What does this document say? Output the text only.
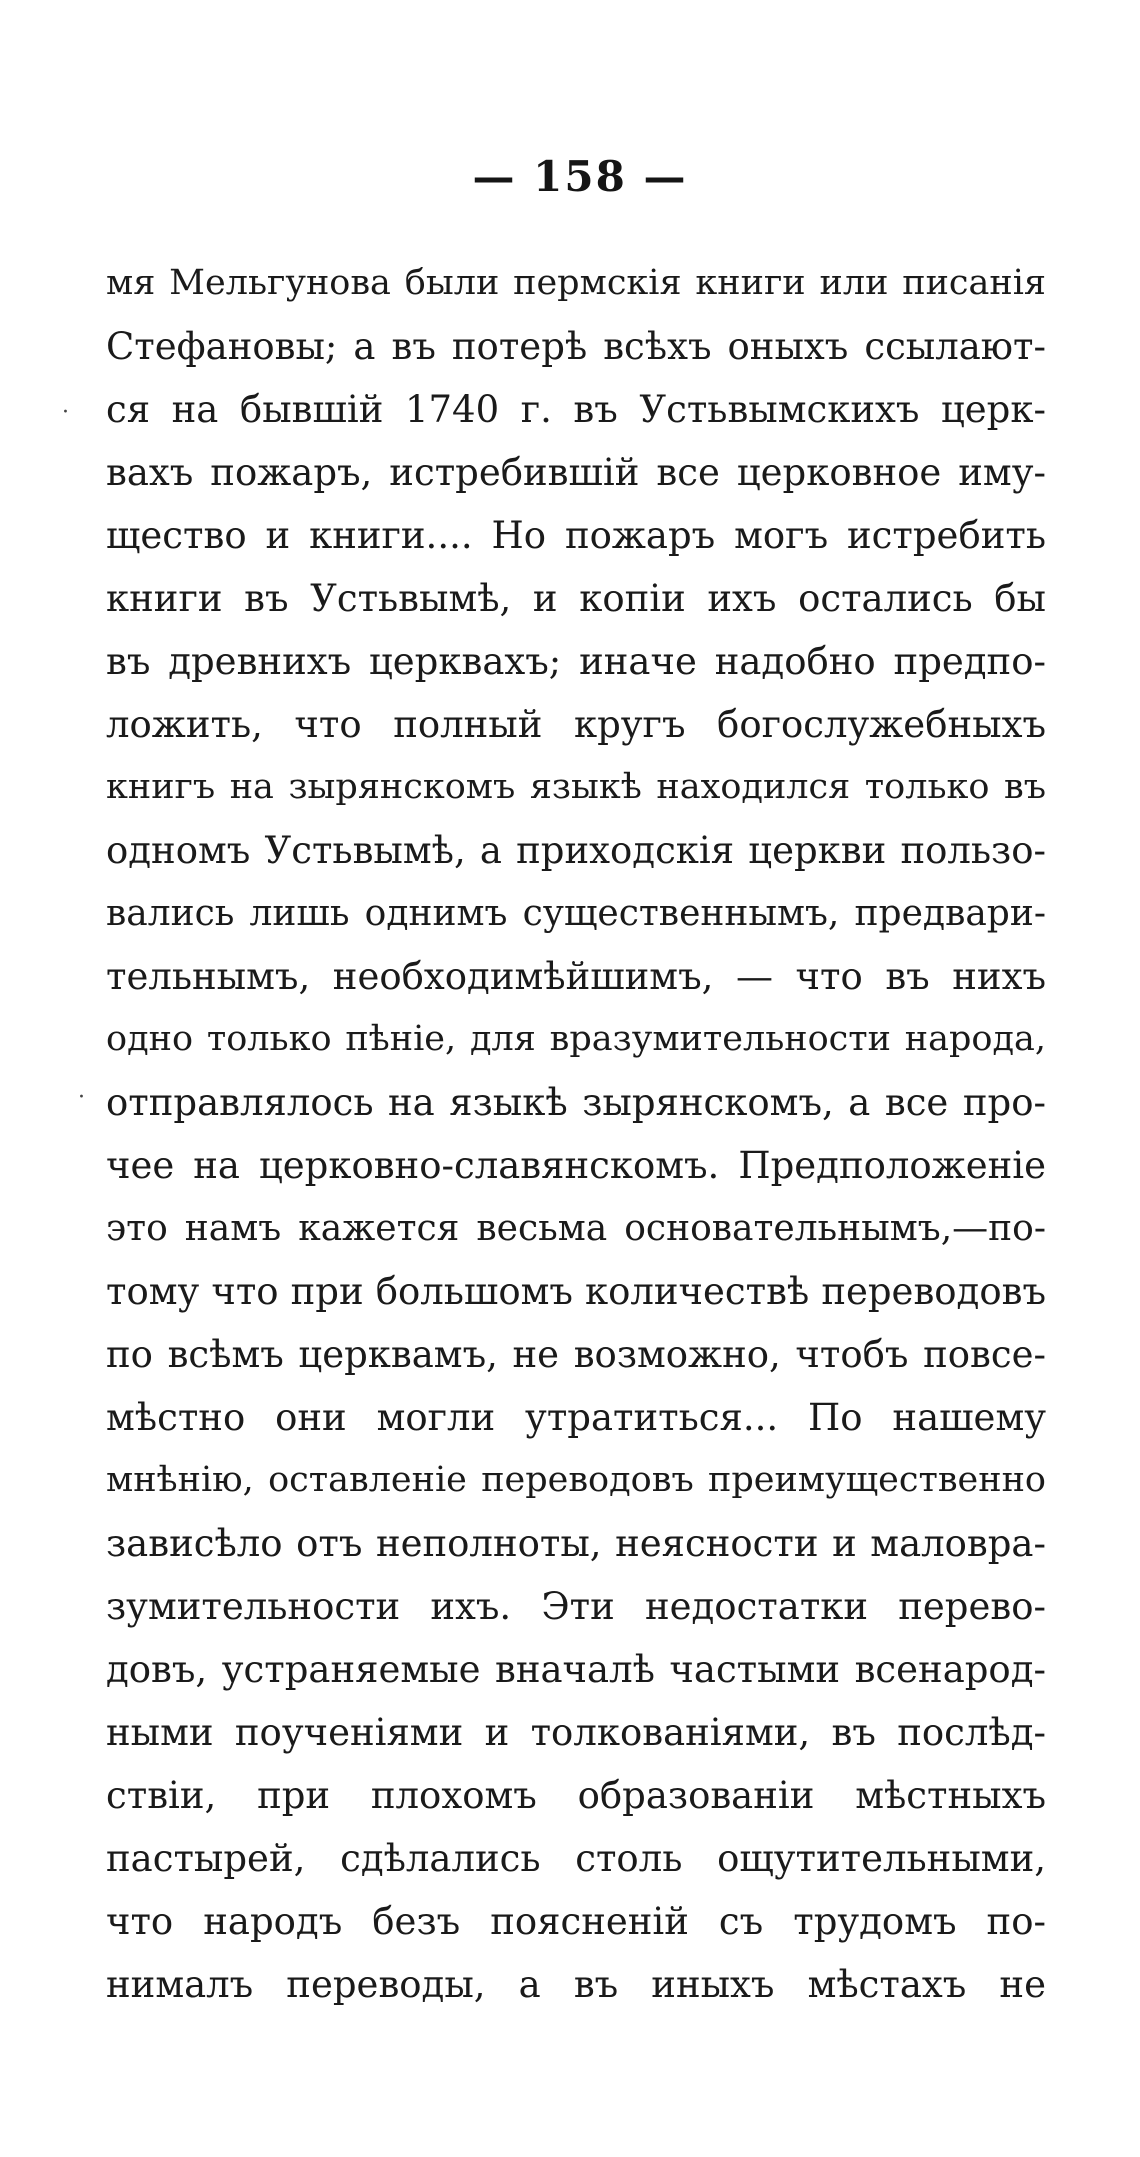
— 158 —
·
·
мя Мельгунова были пермскія книги или писанія
Стефановы; а въ потерѣ всѣхъ оныхъ ссылают-
ся на бывшій 1740 г. въ Устьвымскихъ церк-
вахъ пожаръ, истребившій все церковное иму-
щество и книги.... Но пожаръ могъ истребить
книги въ Устьвымѣ, и копіи ихъ остались бы
въ древнихъ церквахъ; иначе надобно предпо-
ложить, что полный кругъ богослужебныхъ
книгъ на зырянскомъ языкѣ находился только въ
одномъ Устьвымѣ, а приходскія церкви пользо-
вались лишь однимъ существеннымъ, предвари-
тельнымъ, необходимѣйшимъ, — что въ нихъ
одно только пѣніе, для вразумительности народа,
отправлялось на языкѣ зырянскомъ, а все про-
чее на церковно-славянскомъ. Предположеніе
это намъ кажется весьма основательнымъ,—по-
тому что при большомъ количествѣ переводовъ
по всѣмъ церквамъ, не возможно, чтобъ повсе-
мѣстно они могли утратиться... По нашему
мнѣнію, оставленіе переводовъ преимущественно
зависѣло отъ неполноты, неясности и маловра-
зумительности ихъ. Эти недостатки перево-
довъ, устраняемые вначалѣ частыми всенарод-
ными поученіями и толкованіями, въ послѣд-
ствіи, при плохомъ образованіи мѣстныхъ
пастырей, сдѣлались столь ощутительными,
что народъ безъ поясненій съ трудомъ по-
нималъ переводы, а въ иныхъ мѣстахъ не
